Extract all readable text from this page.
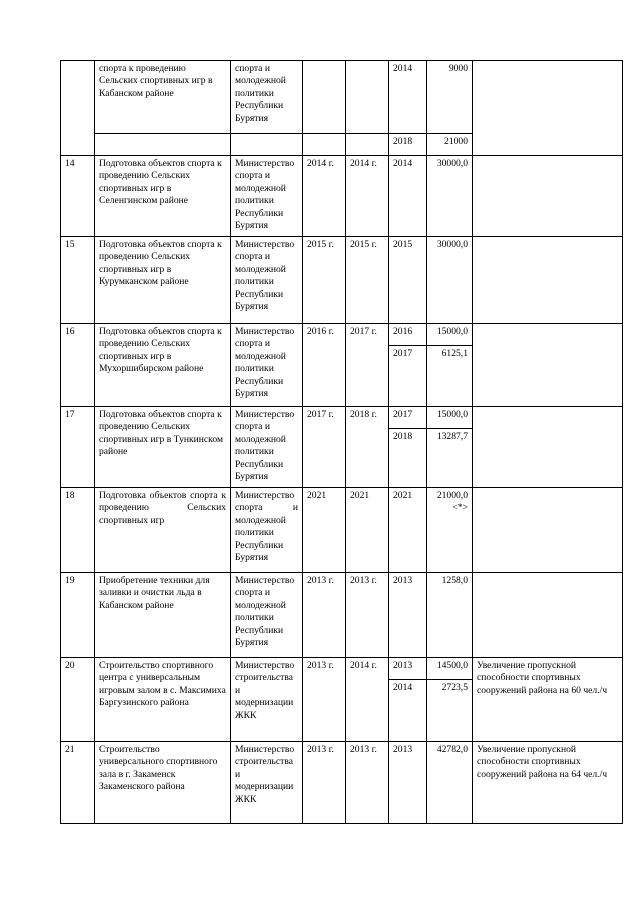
	спорта к проведению Сельских спортивных игр в Кабанском районе	спорта и молодежной политики Республики Бурятия			2014	9000	
					2018	21000	
14	Подготовка объектов спорта к проведению Сельских спортивных игр в Селенгинском районе	Министерство спорта и молодежной политики Республики Бурятия	2014 г.	2014 г.	2014	30000,0	
15	Подготовка объектов спорта к проведению Сельских спортивных игр в Курумканском районе	Министерство спорта и молодежной политики Республики Бурятия	2015 г.	2015 г.	2015	30000,0	
16	Подготовка объектов спорта к проведению Сельских спортивных игр в Мухоршибирском районе	Министерство спорта и молодежной политики Республики Бурятия	2016 г.	2017 г.	2016	15000,0	
					2017	6125,1	
17	Подготовка объектов спорта к проведению Сельских спортивных игр в Тункинском районе	Министерство спорта и молодежной политики Республики Бурятия	2017 г.	2018 г.	2017	15000,0	
					2018	13287,7	
18	Подготовка объектов спорта к проведению Сельских спортивных игр	Министерство спорта и молодежной политики Республики Бурятия	2021	2021	2021	21000,0 <*>	
19	Приобретение техники для заливки и очистки льда в Кабанском районе	Министерство спорта и молодежной политики Республики Бурятия	2013 г.	2013 г.	2013	1258,0	
20	Строительство спортивного центра с универсальным игровым залом в с. Максимиха Баргузинского района	Министерство строительства и модернизации ЖКК	2013 г.	2014 г.	2013	14500,0	Увеличение пропускной способности спортивных сооружений района на 60 чел./ч
					2014	2723,5	
21	Строительство универсального спортивного зала в г. Закаменск Закаменского района	Министерство строительства и модернизации ЖКК	2013 г.	2013 г.	2013	42782,0	Увеличение пропускной способности спортивных сооружений района на 64 чел./ч
